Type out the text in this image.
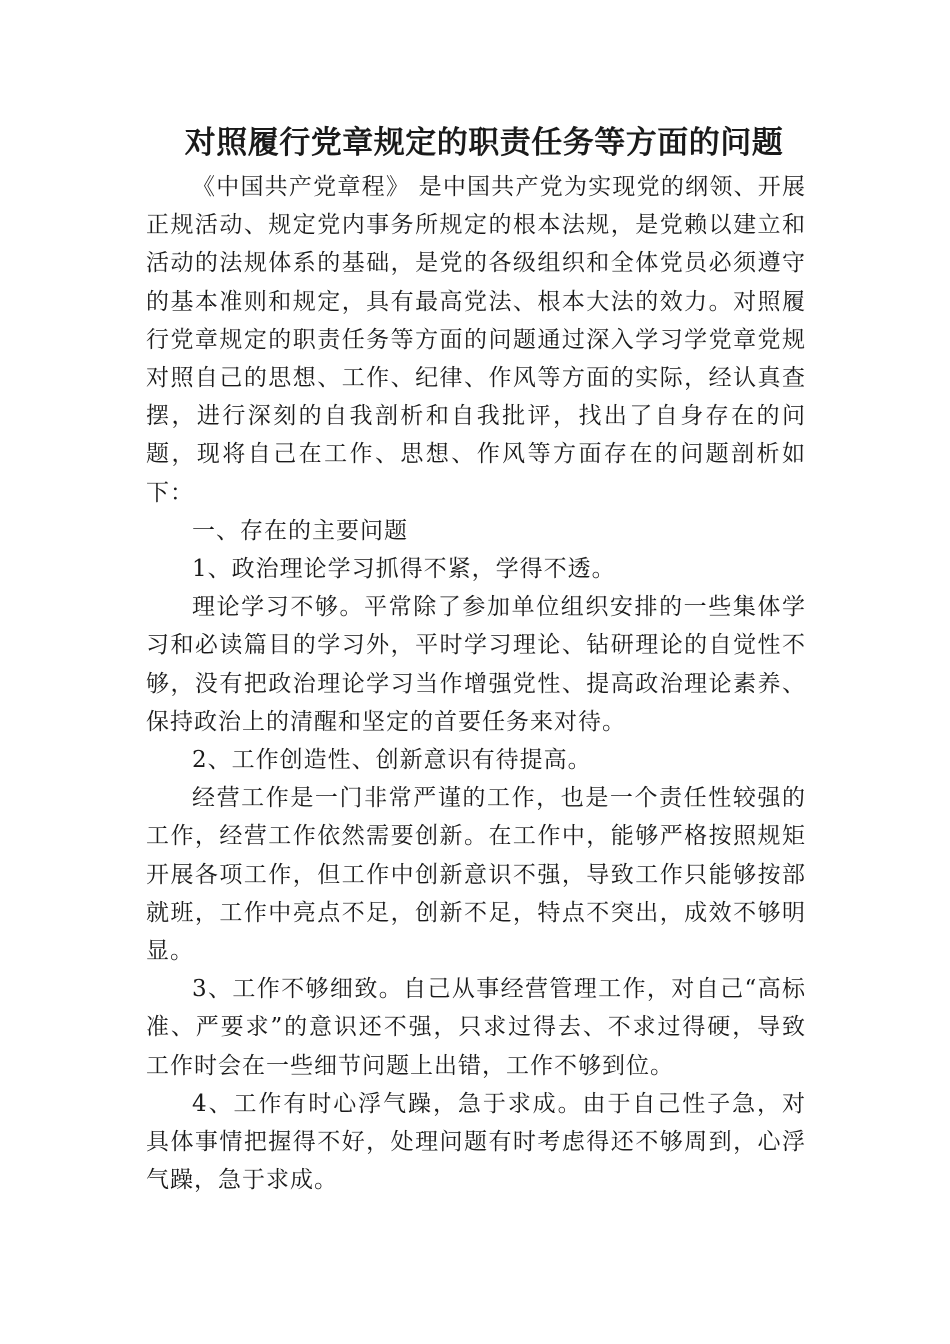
对照履行党章规定的职责任务等方面的问题

《中国共产党章程》 是中国共产党为实现党的纲领、开展正规活动、规定党内事务所规定的根本法规，是党赖以建立和活动的法规体系的基础，是党的各级组织和全体党员必须遵守的基本准则和规定，具有最高党法、根本大法的效力。对照履行党章规定的职责任务等方面的问题通过深入学习学党章党规对照自己的思想、工作、纪律、作风等方面的实际，经认真查摆，进行深刻的自我剖析和自我批评，找出了自身存在的问题，现将自己在工作、思想、作风等方面存在的问题剖析如下：

一、存在的主要问题

1、政治理论学习抓得不紧，学得不透。

理论学习不够。平常除了参加单位组织安排的一些集体学习和必读篇目的学习外，平时学习理论、钻研理论的自觉性不够，没有把政治理论学习当作增强党性、提高政治理论素养、保持政治上的清醒和坚定的首要任务来对待。

2、工作创造性、创新意识有待提高。

经营工作是一门非常严谨的工作，也是一个责任性较强的工作，经营工作依然需要创新。在工作中，能够严格按照规矩开展各项工作，但工作中创新意识不强，导致工作只能够按部就班，工作中亮点不足，创新不足，特点不突出，成效不够明显。

3、工作不够细致。自己从事经营管理工作，对自己“高标准、严要求”的意识还不强，只求过得去、不求过得硬，导致工作时会在一些细节问题上出错，工作不够到位。

4、工作有时心浮气躁，急于求成。由于自己性子急，对具体事情把握得不好，处理问题有时考虑得还不够周到，心浮气躁，急于求成。
